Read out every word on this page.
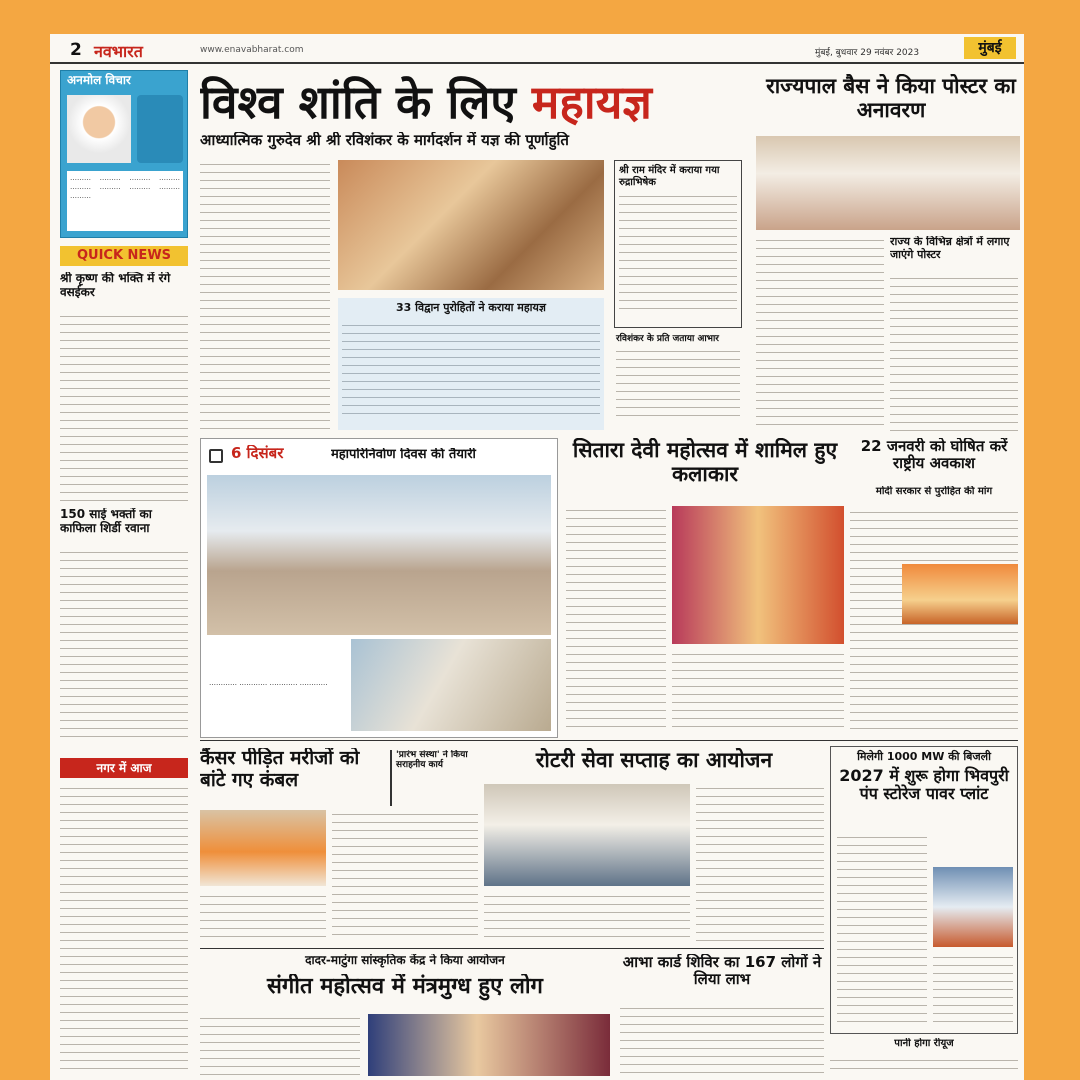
2 नवभारत	www.enavabharat.com	मुंबई, बुधवार 29 नवंबर 2023	मुंबई
अनमोल विचार
……… ……… ……… ……… ……… ……… ……… ……… ………
QUICK NEWS
श्री कृष्ण की भक्ति में रंगे वसईकर
150 साई भक्तों का काफिला शिर्डी रवाना
नगर में आज
विश्व शांति के लिए महायज्ञ
आध्यात्मिक गुरुदेव श्री श्री रविशंकर के मार्गदर्शन में यज्ञ की पूर्णाहुति
श्री राम मंदिर में कराया गया रुद्राभिषेक
33 विद्वान पुरोहितों ने कराया महायज्ञ
रविशंकर के प्रति जताया आभार
राज्यपाल बैस ने किया पोस्टर का अनावरण
राज्य के विभिन्न क्षेत्रों में लगाए जाएंगे पोस्टर
6 दिसंबर	महापरिनिर्वाण दिवस की तैयारी
………… ………… ………… …………
सितारा देवी महोत्सव में शामिल हुए कलाकार
22 जनवरी को घोषित करें राष्ट्रीय अवकाश
मोदी सरकार से पुरोहित की मांग
कैंसर पीड़ित मरीजों को बांटे गए कंबल
'प्रारंभ संस्था' ने किया सराहनीय कार्य	रोटरी सेवा सप्ताह का आयोजन	मिलेगी 1000 MW की बिजली
2027 में शुरू होगा भिवपुरी पंप स्टोरेज पावर प्लांट
पानी होगा रीयूज
दादर-माटुंगा सांस्कृतिक केंद्र ने किया आयोजन
संगीत महोत्सव में मंत्रमुग्ध हुए लोग
आभा कार्ड शिविर का 167 लोगों ने लिया लाभ
